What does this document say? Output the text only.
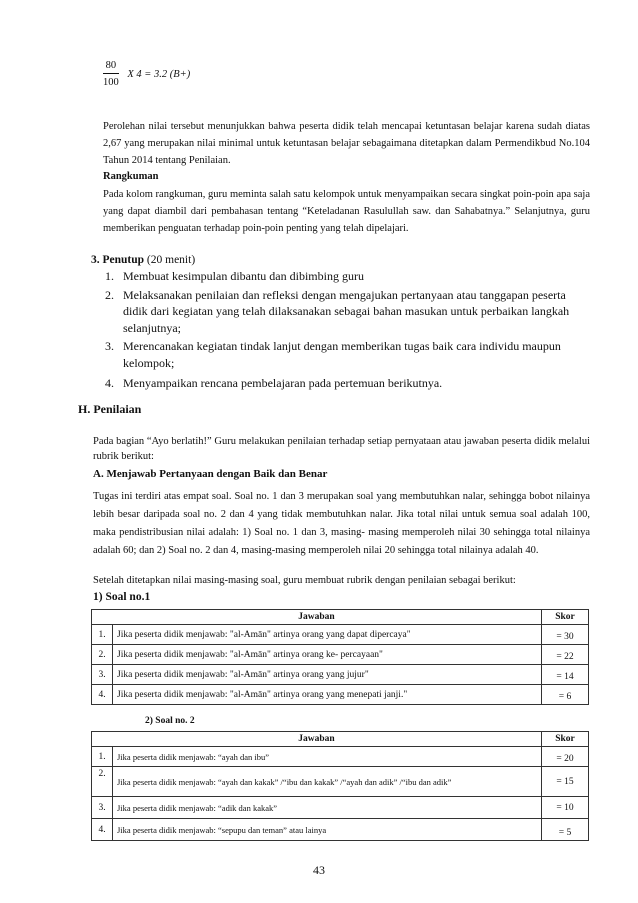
$\frac{80}{100}$ X 4 = 3.2 (B+)
Perolehan nilai tersebut menunjukkan bahwa peserta didik telah mencapai ketuntasan belajar karena sudah diatas 2,67 yang merupakan nilai minimal untuk ketuntasan belajar sebagaimana ditetapkan dalam Permendikbud No.104 Tahun 2014 tentang Penilaian.
Rangkuman
Pada kolom rangkuman, guru meminta salah satu kelompok untuk menyampaikan secara singkat poin-poin apa saja yang dapat diambil dari pembahasan tentang “Keteladanan Rasulullah saw. dan Sahabatnya.” Selanjutnya, guru memberikan penguatan terhadap poin-poin penting yang telah dipelajari.
3. Penutup (20 menit)
1. Membuat kesimpulan dibantu dan dibimbing guru
2. Melaksanakan penilaian dan refleksi dengan mengajukan pertanyaan atau tanggapan peserta didik dari kegiatan yang telah dilaksanakan sebagai bahan masukan untuk perbaikan langkah selanjutnya;
3. Merencanakan kegiatan tindak lanjut dengan memberikan tugas baik cara individu maupun kelompok;
4. Menyampaikan rencana pembelajaran pada pertemuan berikutnya.
H. Penilaian
Pada bagian “Ayo berlatih!” Guru melakukan penilaian terhadap setiap pernyataan atau jawaban peserta didik melalui rubrik berikut:
A. Menjawab Pertanyaan dengan Baik dan Benar
Tugas ini terdiri atas empat soal. Soal no. 1 dan 3 merupakan soal yang membutuhkan nalar, sehingga bobot nilainya lebih besar daripada soal no. 2 dan 4 yang tidak membutuhkan nalar. Jika total nilai untuk semua soal adalah 100, maka pendistribusian nilai adalah: 1) Soal no. 1 dan 3, masing- masing memperoleh nilai 30 sehingga total nilainya adalah 60; dan 2) Soal no. 2 dan 4, masing-masing memperoleh nilai 20 sehingga total nilainya adalah 40.
Setelah ditetapkan nilai masing-masing soal, guru membuat rubrik dengan penilaian sebagai berikut:
1) Soal no.1
Jawaban		Skor
1.	Jika peserta didik menjawab: "al-Amān" artinya orang yang dapat dipercaya"	= 30
2.	Jika peserta didik menjawab: "al-Amān" artinya orang ke- percayaan"	= 22
3.	Jika peserta didik menjawab: "al-Amān" artinya orang yang jujur"	= 14
4.	Jika peserta didik menjawab: "al-Amān" artinya orang yang menepati janji."	= 6
2) Soal no. 2
Jawaban		Skor
1.	Jika peserta didik menjawab: “ayah dan ibu”	= 20
2.	Jika peserta didik menjawab: “ayah dan kakak” /“ibu dan kakak” /“ayah dan adik” /“ibu dan adik”	= 15
3.	Jika peserta didik menjawab: “adik dan kakak”	= 10
4.	Jika peserta didik menjawab: “sepupu dan teman” atau lainya	= 5
43
